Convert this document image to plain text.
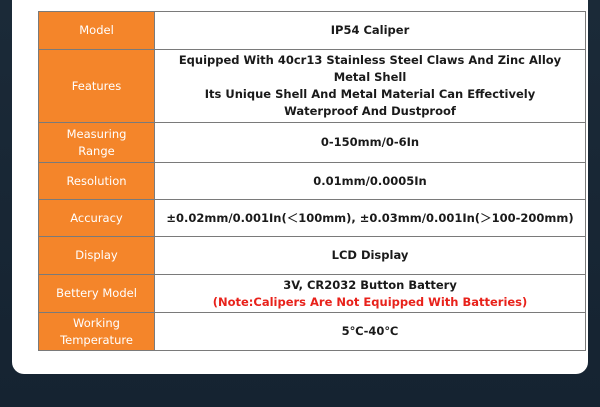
Model	IP54 Caliper

Features	Equipped With 40cr13 Stainless Steel Claws And Zinc Alloy Metal Shell
Its Unique Shell And Metal Material Can Effectively
Waterproof And Dustproof

Measuring
Range	0-150mm/0-6In

Resolution	0.01mm/0.0005In

Accuracy	±0.02mm/0.001In(＜100mm), ±0.03mm/0.001In(＞100-200mm)

Display	LCD Display

Bettery Model	3V, CR2032 Button Battery
(Note:Calipers Are Not Equipped With Batteries)

Working
Temperature	5℃-40℃
